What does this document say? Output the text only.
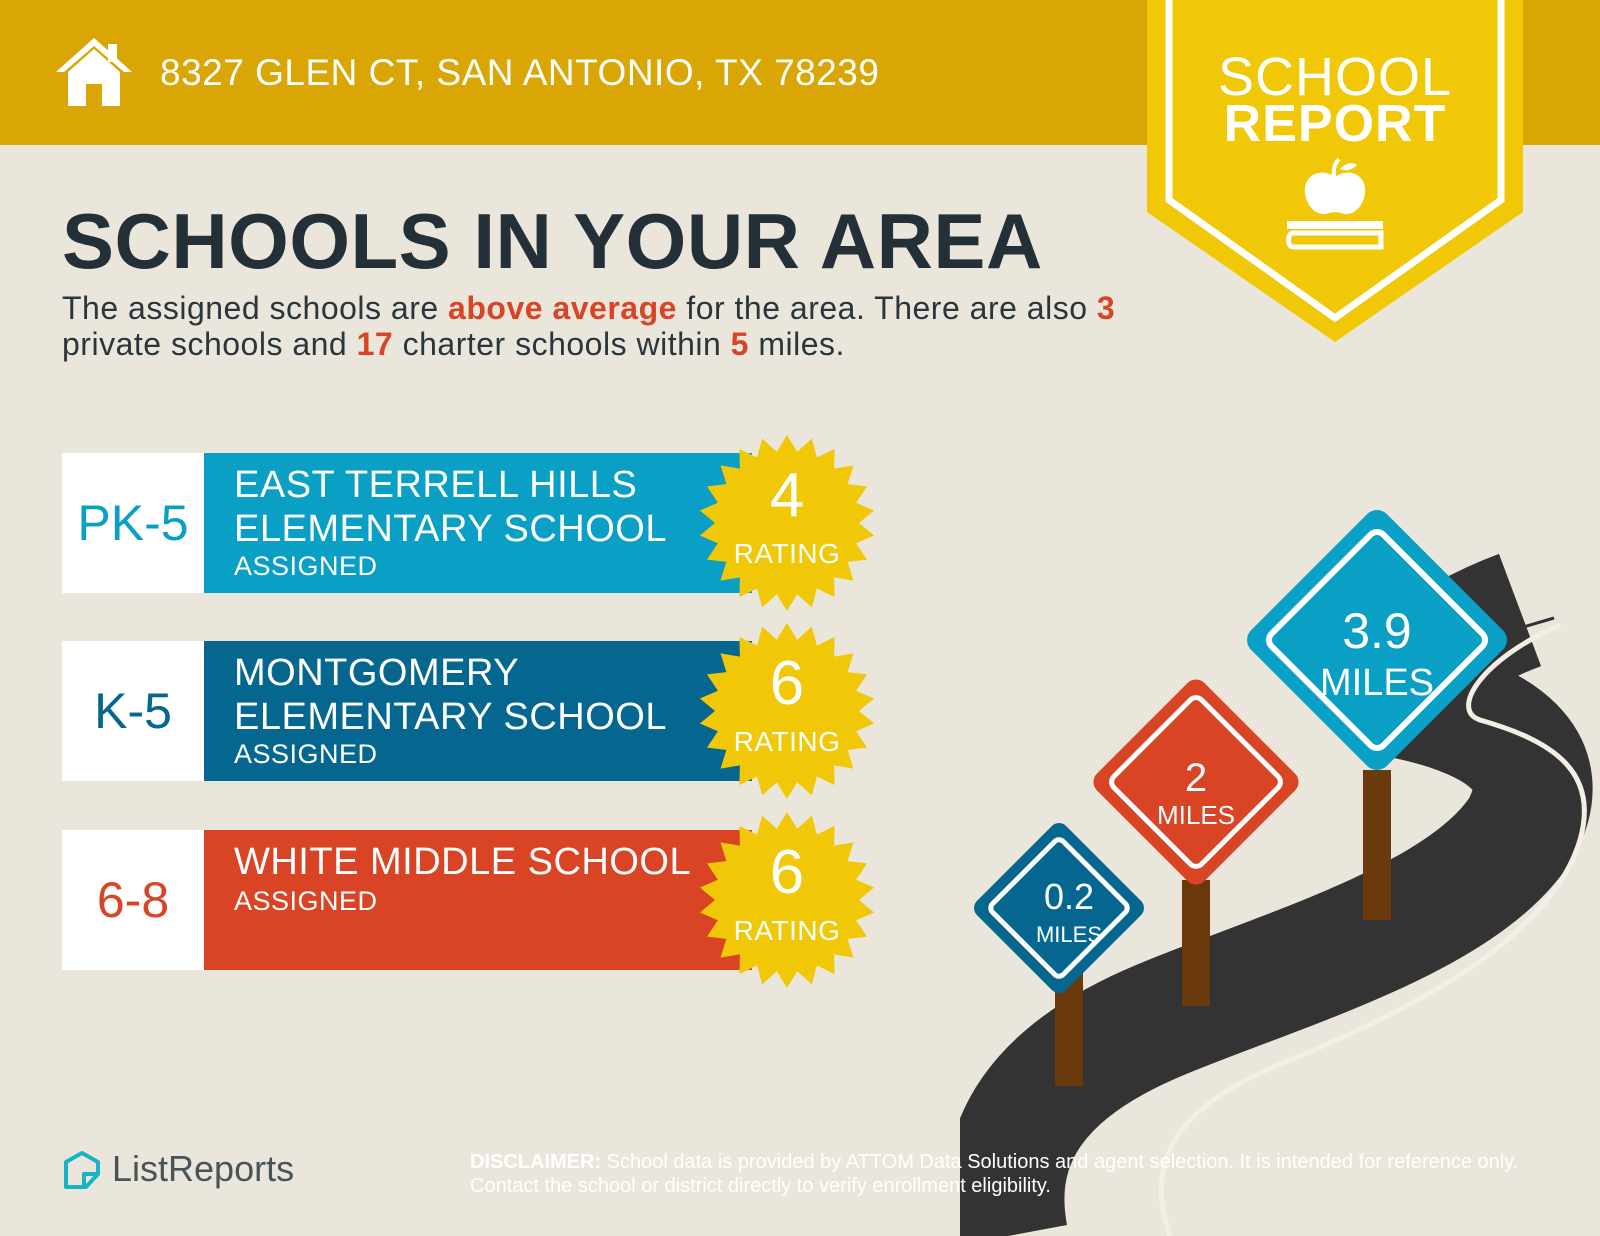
8327 GLEN CT, SAN ANTONIO, TX 78239	SCHOOL
REPORT
SCHOOLS IN YOUR AREA
The assigned schools are above average for the area. There are also 3 private schools and 17 charter schools within 5 miles.
PK-5
EAST TERRELL HILLS
ELEMENTARY SCHOOL
ASSIGNED
4
RATING
K-5
MONTGOMERY
ELEMENTARY SCHOOL
ASSIGNED
6
RATING
6-8
WHITE MIDDLE SCHOOL
ASSIGNED	6
RATING
0.2
MILES
2
MILES
3.9
MILES
ListReports	DISCLAIMER: School data is provided by ATTOM Data Solutions and agent selection. It is intended for reference only. Contact the school or district directly to verify enrollment eligibility.
